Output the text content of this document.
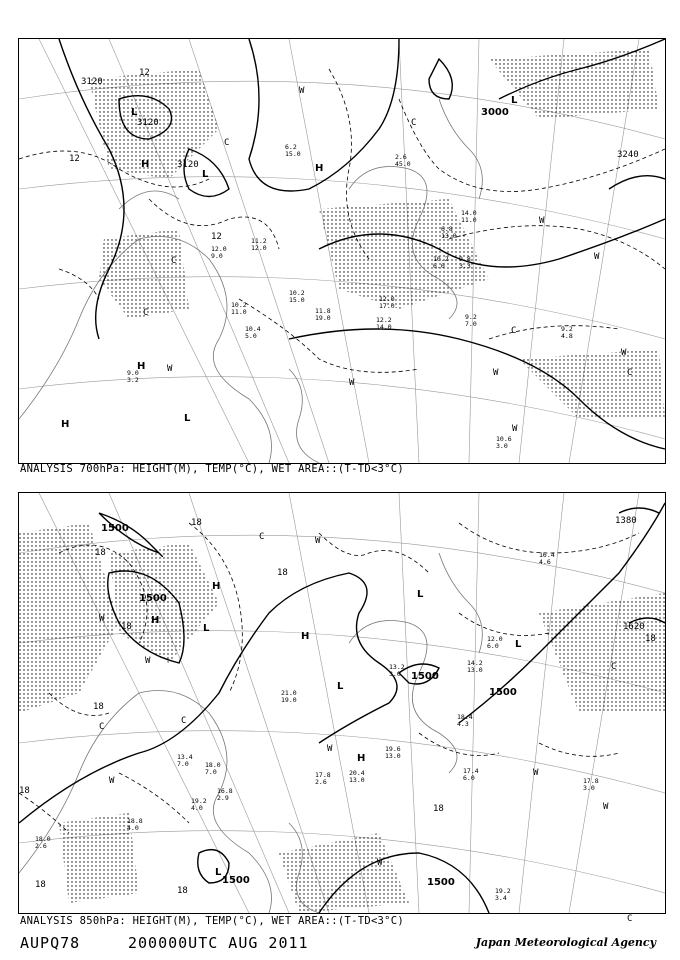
3120
3120
3120
3000
3240
12
12
12
L
L
L
L
H	H
H
H
W
W
W
W
W
W
W
W
C
C
C
C
C
C
10.2
11.0
12.0
17.0
12.2
14.0
9.2
7.0
9.2
4.8
10.6
3.0
14.0
11.0
6.8
13.0
10.2
6.0
9.8
3.3
6.2
15.0	2.6
45.0
12.0
9.0
11.2
12.0
10.2
15.0
11.8
19.0
10.4
5.0
9.0
3.2
ANALYSIS 700hPa: HEIGHT(M), TEMP(°C), WET AREA::(T-TD<3°C)
1500
1500
1500
1500
1500	1500
1380
1620
18
18
18
18
18
18
18
18
18
18
H
H
H
H
L
L
L
L
L
W
W
W
W
W
W
W
W
C
C
C
C
C
13.2
3.0
12.0
6.0
14.2
13.0
18.4
4.3
17.4
6.0	17.8
3.0
19.2
3.4
20.4
13.0
19.6
13.0
21.0
19.0
16.8
2.9
19.2
4.0
17.8
2.6
18.0
7.0
13.4
7.0
18.8
4.0
18.0
2.6
16.4
4.6
ANALYSIS 850hPa: HEIGHT(M), TEMP(°C), WET AREA::(T-TD<3°C)
AUPQ78	200000UTC AUG 2011	Japan Meteorological Agency
